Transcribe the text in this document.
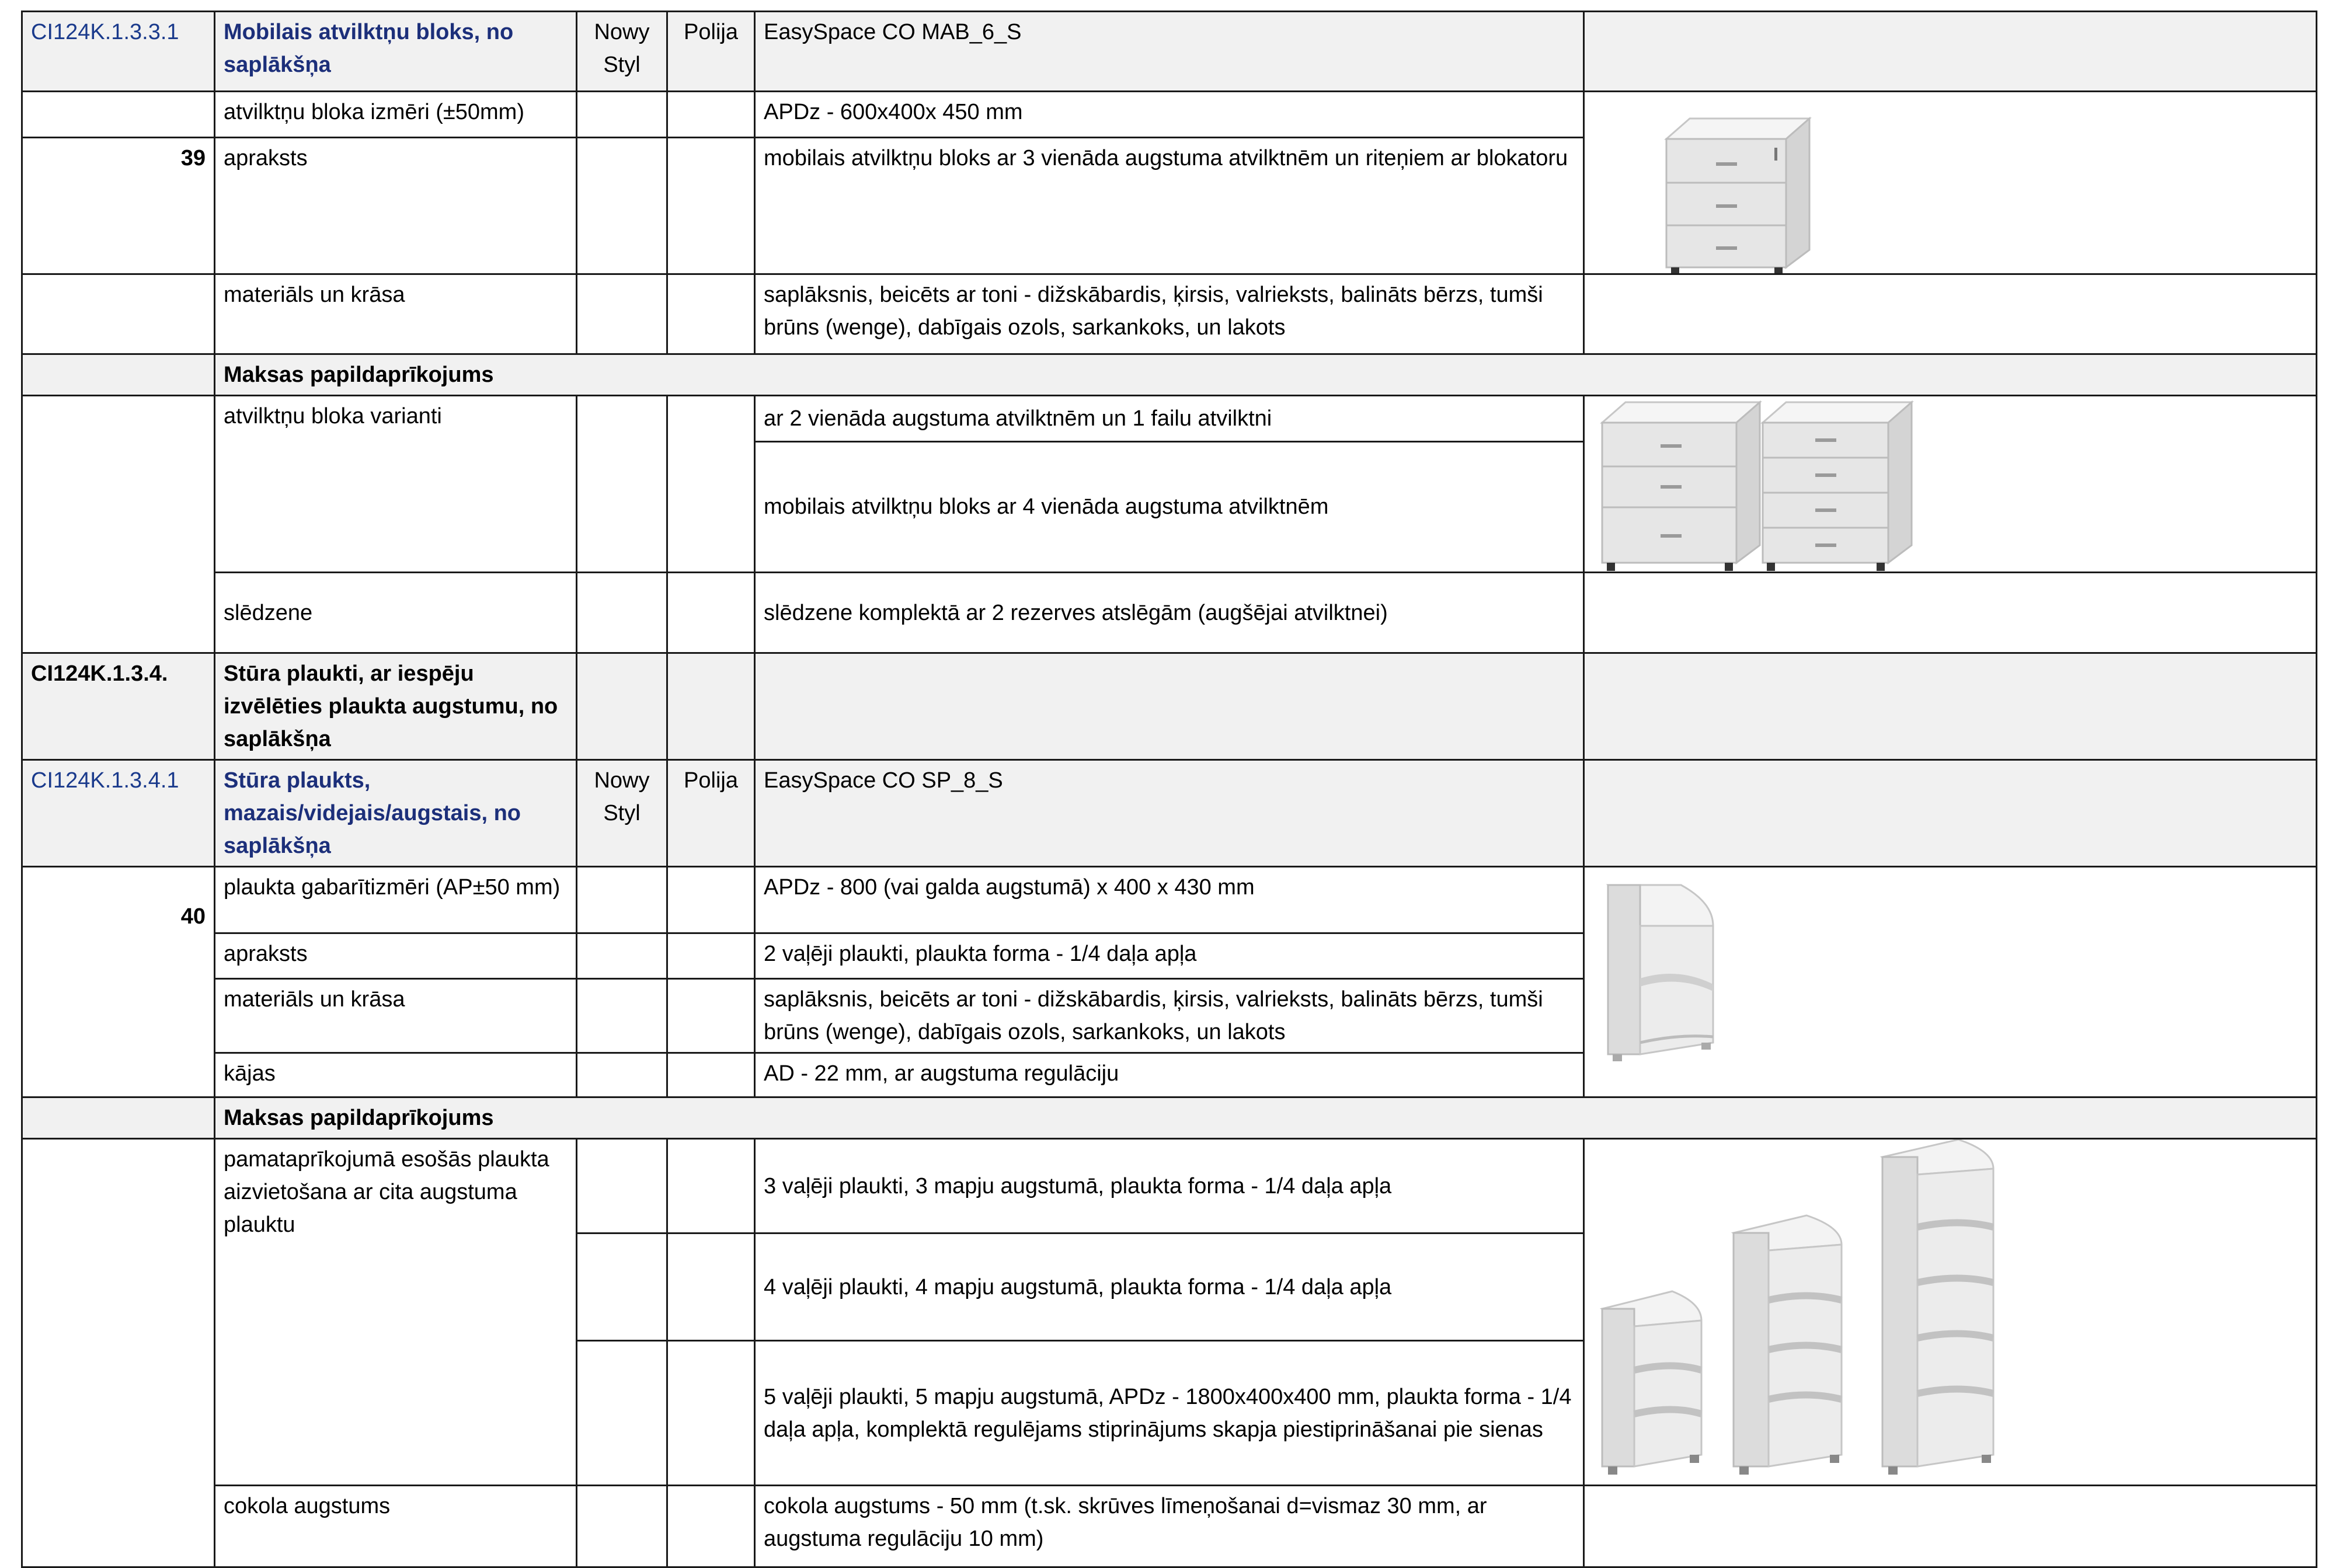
CI124K.1.3.3.1	Mobilais atvilktņu bloks, no saplākšņa	Nowy Styl	Polija	EasySpace CO MAB_6_S	
	atvilktņu bloka izmēri (±50mm)			APDz - 600x400x 450 mm	

39	apraksts			mobilais atvilktņu bloks ar 3 vienāda augstuma atvilktnēm un riteņiem ar blokatoru	
	materiāls un krāsa			saplāksnis, beicēts ar toni - dižskābardis, ķirsis, valrieksts, balināts bērzs, tumši brūns (wenge), dabīgais ozols, sarkankoks, un lakots	
	Maksas papildaprīkojums				
	atvilktņu bloka varianti			ar 2 vienāda augstuma atvilktnēm un 1 failu atvilktni	

				mobilais atvilktņu bloks ar 4 vienāda augstuma atvilktnēm	
	slēdzene			slēdzene komplektā ar 2 rezerves atslēgām (augšējai atvilktnei)	
CI124K.1.3.4.	Stūra plaukti, ar iespēju izvēlēties plaukta augstumu, no saplākšņa				
CI124K.1.3.4.1	Stūra plaukts, mazais/videjais/augstais, no saplākšņa	Nowy Styl	Polija	EasySpace CO SP_8_S	
40	plaukta gabarītizmēri (AP±50 mm)			APDz - 800 (vai galda augstumā) x 400 x 430 mm	

	apraksts			2 vaļēji plaukti, plaukta forma - 1/4 daļa apļa	
	materiāls un krāsa			saplāksnis, beicēts ar toni - dižskābardis, ķirsis, valrieksts, balināts bērzs, tumši brūns (wenge), dabīgais ozols, sarkankoks, un lakots	
	kājas			AD - 22 mm, ar augstuma regulāciju	
	Maksas papildaprīkojums				
	pamataprīkojumā esošās plaukta aizvietošana ar cita augstuma plauktu			3 vaļēji plaukti, 3 mapju augstumā, plaukta forma - 1/4 daļa apļa	

				4 vaļēji plaukti, 4 mapju augstumā, plaukta forma - 1/4 daļa apļa	
				5 vaļēji plaukti, 5 mapju augstumā, APDz - 1800x400x400 mm, plaukta forma - 1/4 daļa apļa, komplektā regulējams stiprinājums skapja piestiprināšanai pie sienas	
	cokola augstums			cokola augstums - 50 mm (t.sk. skrūves līmeņošanai d=vismaz 30 mm, ar augstuma regulāciju 10 mm)	
